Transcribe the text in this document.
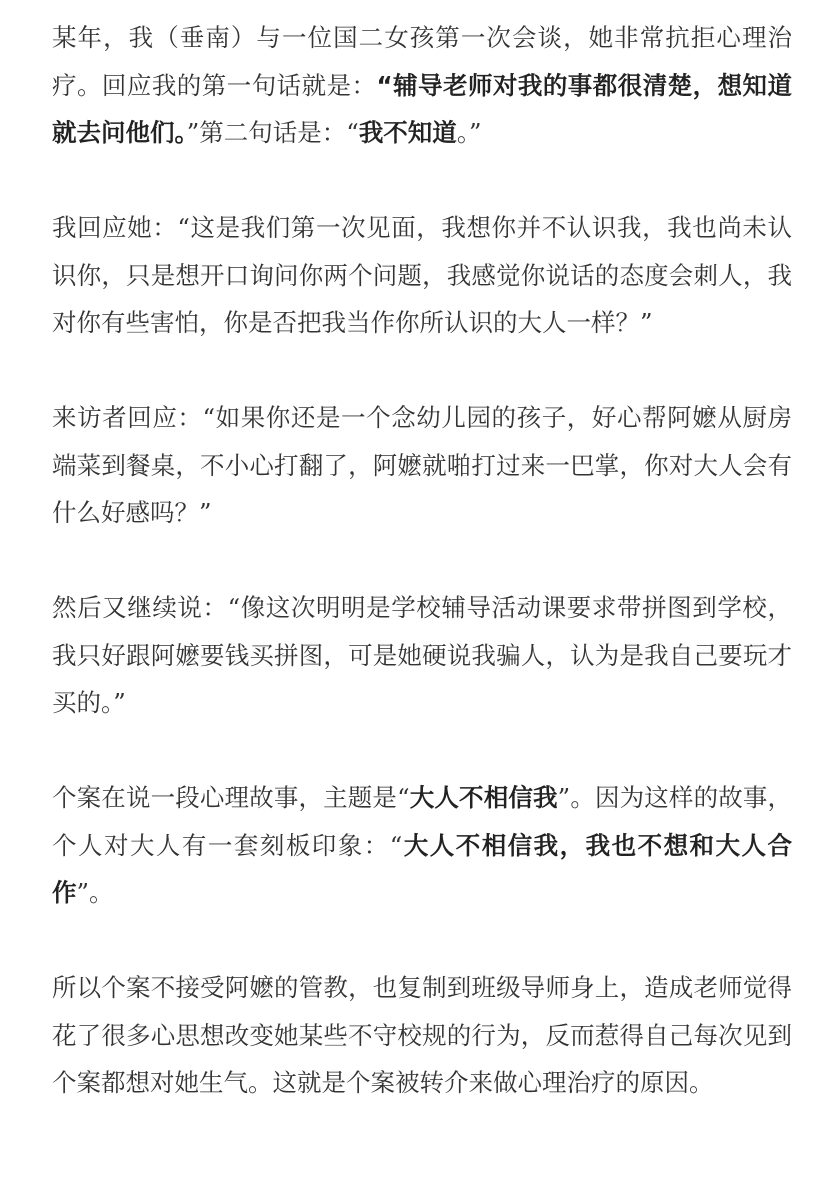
某年，我（垂南）与一位国二女孩第一次会谈，她非常抗拒心理治疗。回应我的第一句话就是：“辅导老师对我的事都很清楚，想知道就去问他们。”第二句话是：“我不知道。”

我回应她：“这是我们第一次见面，我想你并不认识我，我也尚未认识你，只是想开口询问你两个问题，我感觉你说话的态度会刺人，我对你有些害怕，你是否把我当作你所认识的大人一样？”

来访者回应：“如果你还是一个念幼儿园的孩子，好心帮阿嬷从厨房端菜到餐桌，不小心打翻了，阿嬷就啪打过来一巴掌，你对大人会有什么好感吗？”

然后又继续说：“像这次明明是学校辅导活动课要求带拼图到学校，我只好跟阿嬷要钱买拼图，可是她硬说我骗人，认为是我自己要玩才买的。”

个案在说一段心理故事，主题是“大人不相信我”。因为这样的故事，个人对大人有一套刻板印象：“大人不相信我，我也不想和大人合作”。

所以个案不接受阿嬷的管教，也复制到班级导师身上，造成老师觉得花了很多心思想改变她某些不守校规的行为，反而惹得自己每次见到个案都想对她生气。这就是个案被转介来做心理治疗的原因。
